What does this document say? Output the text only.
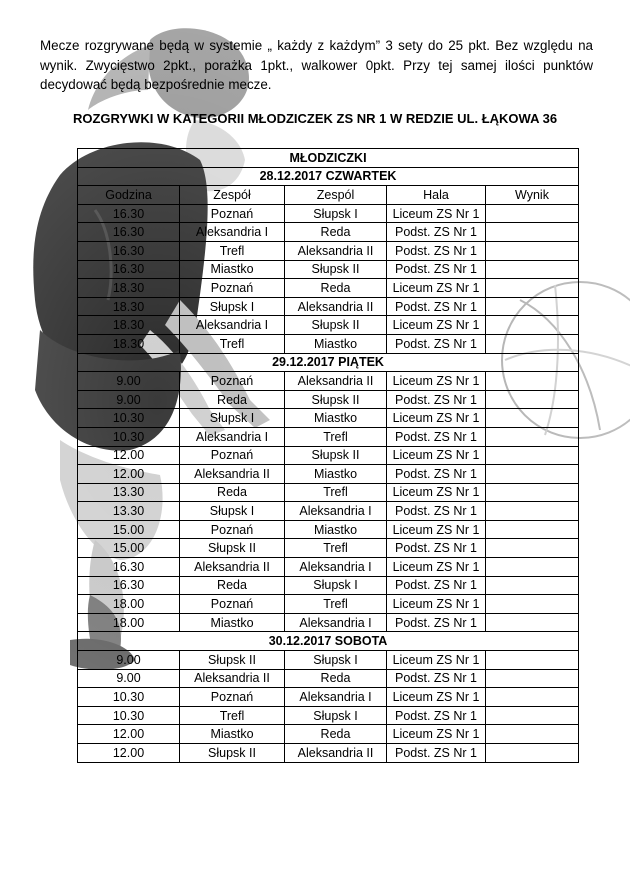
Mecze rozgrywane będą w systemie „ każdy z każdym” 3 sety do 25 pkt. Bez względu na wynik. Zwycięstwo 2pkt., porażka 1pkt., walkower 0pkt. Przy tej samej ilości punktów decydować będą bezpośrednie mecze.
ROZGRYWKI W KATEGORII MŁODZICZEK ZS NR 1 W REDZIE UL. ŁĄKOWA 36
MŁODZICZKI				
28.12.2017 CZWARTEK				
Godzina	Zespół	Zespól	Hala	Wynik
16.30	Poznań	Słupsk I	Liceum ZS Nr 1	
16.30	Aleksandria I	Reda	Podst. ZS Nr 1	
16.30	Trefl	Aleksandria II	Podst. ZS Nr 1	
16.30	Miastko	Słupsk II	Podst. ZS Nr 1	
18.30	Poznań	Reda	Liceum ZS Nr 1	
18.30	Słupsk I	Aleksandria II	Podst. ZS Nr 1	
18.30	Aleksandria I	Słupsk II	Liceum ZS Nr 1	
18.30	Trefl	Miastko	Podst. ZS Nr 1	
29.12.2017 PIĄTEK				
9.00	Poznań	Aleksandria II	Liceum ZS Nr 1	
9.00	Reda	Słupsk II	Podst. ZS Nr 1	
10.30	Słupsk I	Miastko	Liceum ZS Nr 1	
10.30	Aleksandria I	Trefl	Podst. ZS Nr 1	
12.00	Poznań	Słupsk II	Liceum ZS Nr 1	
12.00	Aleksandria II	Miastko	Podst. ZS Nr 1	
13.30	Reda	Trefl	Liceum ZS Nr 1	
13.30	Słupsk I	Aleksandria I	Podst. ZS Nr 1	
15.00	Poznań	Miastko	Liceum ZS Nr 1	
15.00	Słupsk II	Trefl	Podst. ZS Nr 1	
16.30	Aleksandria II	Aleksandria I	Liceum ZS Nr 1	
16.30	Reda	Słupsk I	Podst. ZS Nr 1	
18.00	Poznań	Trefl	Liceum ZS Nr 1	
18.00	Miastko	Aleksandria I	Podst. ZS Nr 1	
30.12.2017 SOBOTA				
9.00	Słupsk II	Słupsk I	Liceum ZS Nr 1	
9.00	Aleksandria II	Reda	Podst. ZS Nr 1	
10.30	Poznań	Aleksandria I	Liceum ZS Nr 1	
10.30	Trefl	Słupsk I	Podst. ZS Nr 1	
12.00	Miastko	Reda	Liceum ZS Nr 1	
12.00	Słupsk II	Aleksandria II	Podst. ZS Nr 1	
